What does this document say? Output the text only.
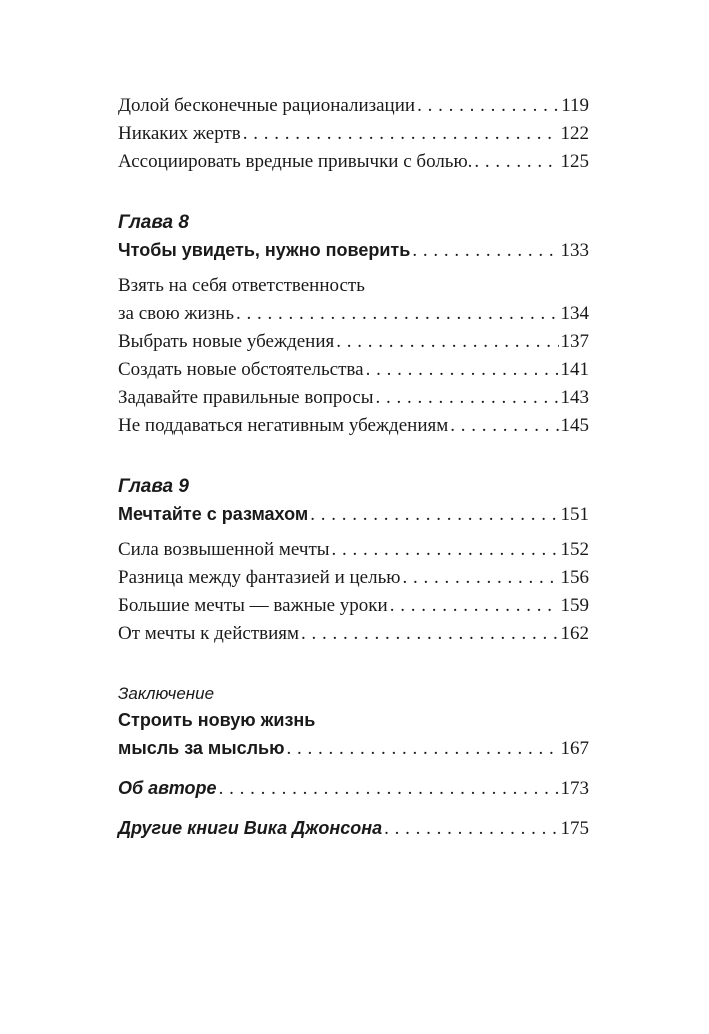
Долой бесконечные рационализации . . .	119
Никаких жертв . . .	122
Ассоциировать вредные привычки с болью. . . .	125
Глава 8
Чтобы увидеть, нужно поверить . . .	133
Взять на себя ответственность
за свою жизнь . . .	134
Выбрать новые убеждения . . .	137
Создать новые обстоятельства . . .	141
Задавайте правильные вопросы . . .	143
Не поддаваться негативным убеждениям . . .	145
Глава 9
Мечтайте с размахом . . .	151
Сила возвышенной мечты . . .	152
Разница между фантазией и целью . . .	156
Большие мечты — важные уроки . . .	159
От мечты к действиям . . .	162
Заключение
Строить новую жизнь
мысль за мыслью . . .	167
Об авторе . . .	173
Другие книги Вика Джонсона . . .	175
